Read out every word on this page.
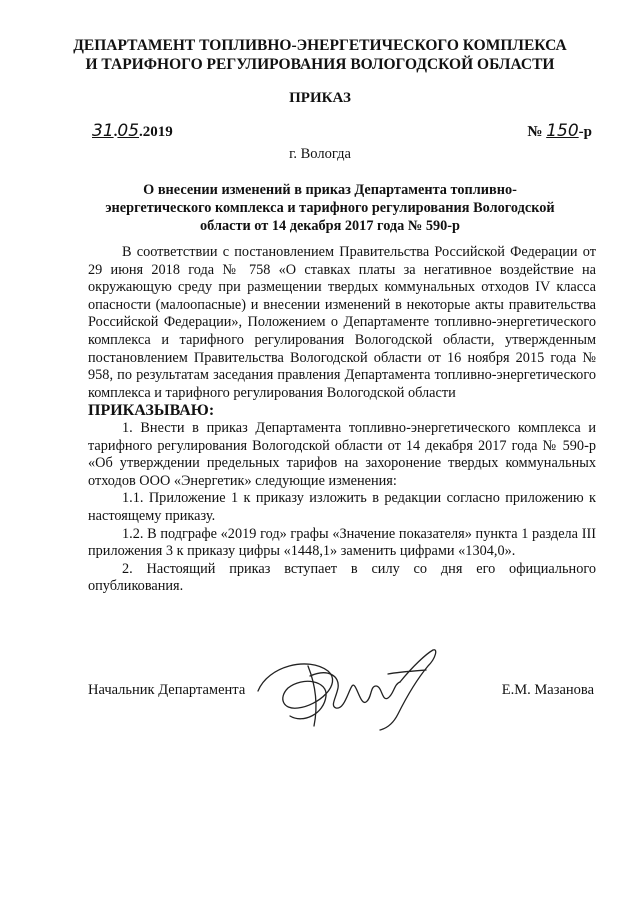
ДЕПАРТАМЕНТ ТОПЛИВНО-ЭНЕРГЕТИЧЕСКОГО КОМПЛЕКСА
И ТАРИФНОГО РЕГУЛИРОВАНИЯ ВОЛОГОДСКОЙ ОБЛАСТИ
ПРИКАЗ
31.05.2019	№ 150-р
г. Вологда
О внесении изменений в приказ Департамента топливно-
энергетического комплекса и тарифного регулирования Вологодской
области от 14 декабря 2017 года № 590-р

В соответствии с постановлением Правительства Российской Федерации от 29 июня 2018 года № 758 «О ставках платы за негативное воздействие на окружающую среду при размещении твердых коммунальных отходов IV класса опасности (малоопасные) и внесении изменений в некоторые акты правительства Российской Федерации», Положением о Департаменте топливно-энергетического комплекса и тарифного регулирования Вологодской области, утвержденным постановлением Правительства Вологодской области от 16 ноября 2015 года № 958, по результатам заседания правления Департамента топливно-энергетического комплекса и тарифного регулирования Вологодской области

ПРИКАЗЫВАЮ:

1. Внести в приказ Департамента топливно-энергетического комплекса и тарифного регулирования Вологодской области от 14 декабря 2017 года № 590-р «Об утверждении предельных тарифов на захоронение твердых коммунальных отходов ООО «Энергетик» следующие изменения:

1.1. Приложение 1 к приказу изложить в редакции согласно приложению к настоящему приказу.

1.2. В подграфе «2019 год» графы «Значение показателя» пункта 1 раздела III приложения 3 к приказу цифры «1448,1» заменить цифрами «1304,0».

2. Настоящий приказ вступает в силу со дня его официального опубликования.

Начальник Департамента	Е.М. Мазанова
